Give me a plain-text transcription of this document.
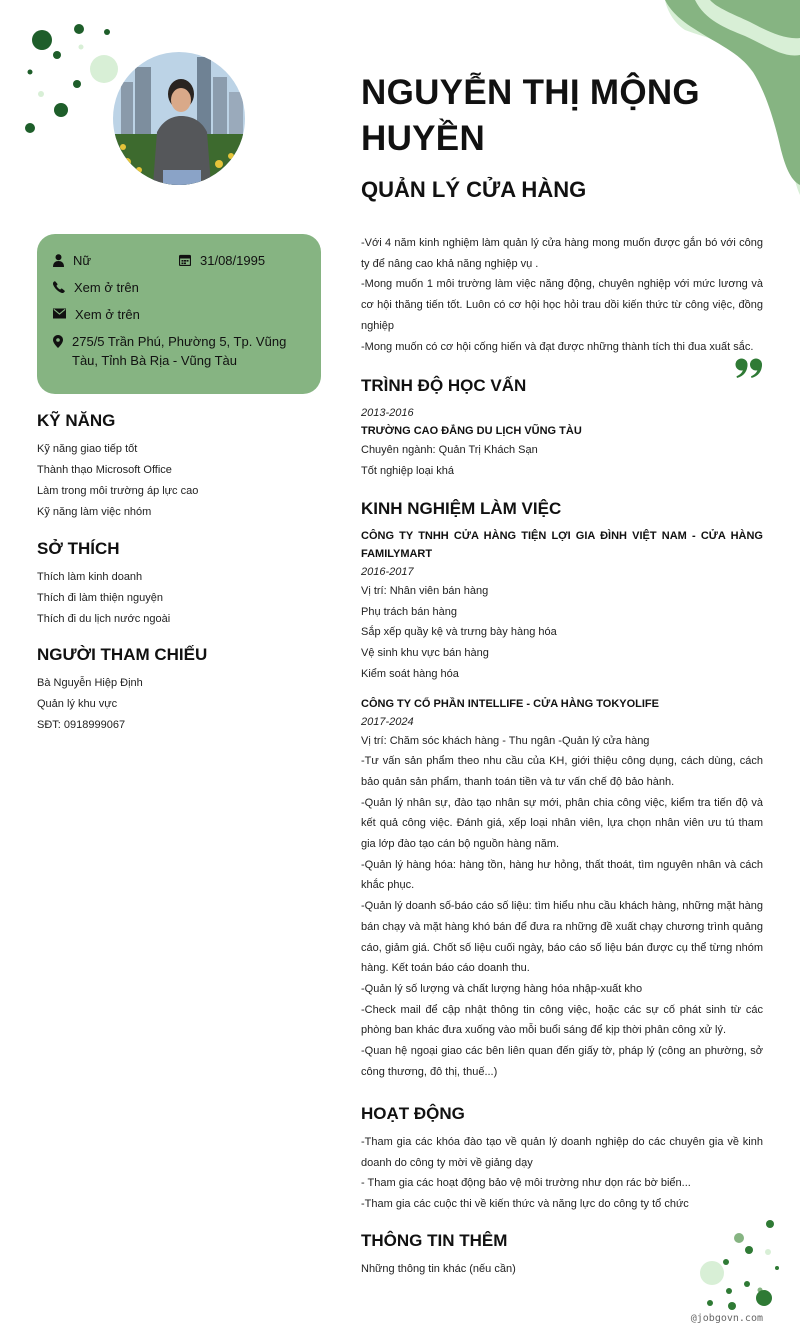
NGUYỄN THỊ MỘNG HUYỀN
QUẢN LÝ CỬA HÀNG
Nữ	31/08/1995
Xem ở trên
Xem ở trên
275/5 Trần Phú, Phường 5, Tp. Vũng Tàu, Tỉnh Bà Rịa - Vũng Tàu
KỸ NĂNG
Kỹ năng giao tiếp tốt
Thành thạo Microsoft Office
Làm trong môi trường áp lực cao
Kỹ năng làm việc nhóm
SỞ THÍCH
Thích làm kinh doanh
Thích đi làm thiện nguyện
Thích đi du lịch nước ngoài
NGƯỜI THAM CHIẾU
Bà Nguyễn Hiệp Định
Quản lý khu vực
SĐT: 0918999067
-Với 4 năm kinh nghiệm làm quản lý cửa hàng mong muốn được gắn bó với công ty để nâng cao khả năng nghiệp vụ .
-Mong muốn 1 môi trường làm việc năng động, chuyên nghiệp với mức lương và cơ hội thăng tiến tốt. Luôn có cơ hội học hỏi trau dồi kiến thức từ công việc, đồng nghiệp
-Mong muốn có cơ hội cống hiến và đạt được những thành tích thi đua xuất sắc.
TRÌNH ĐỘ HỌC VẤN
2013-2016
TRƯỜNG CAO ĐẲNG DU LỊCH VŨNG TÀU
Chuyên ngành: Quản Trị Khách Sạn
Tốt nghiệp loại khá
KINH NGHIỆM LÀM VIỆC
CÔNG TY TNHH CỬA HÀNG TIỆN LỢI GIA ĐÌNH VIỆT NAM - CỬA HÀNG FAMILYMART
2016-2017
Vị trí: Nhân viên bán hàng
Phụ trách bán hàng
Sắp xếp quầy kệ và trưng bày hàng hóa
Vệ sinh khu vực bán hàng
Kiểm soát hàng hóa
CÔNG TY CỔ PHẦN INTELLIFE - CỬA HÀNG TOKYOLIFE
2017-2024
Vị trí: Chăm sóc khách hàng - Thu ngân -Quản lý cửa hàng
-Tư vấn sản phẩm theo nhu cầu của KH, giới thiệu công dụng, cách dùng, cách bảo quản sản phẩm, thanh toán tiền và tư vấn chế độ bảo hành.
-Quản lý nhân sự, đào tạo nhân sự mới, phân chia công việc, kiểm tra tiến độ và kết quả công việc. Đánh giá, xếp loại nhân viên, lựa chọn nhân viên ưu tú tham gia lớp đào tạo cán bộ nguồn hàng năm.
-Quản lý hàng hóa: hàng tồn, hàng hư hỏng, thất thoát, tìm nguyên nhân và cách khắc phục.
-Quản lý doanh số-báo cáo số liệu: tìm hiểu nhu cầu khách hàng, những mặt hàng bán chạy và mặt hàng khó bán để đưa ra những đề xuất chạy chương trình quảng cáo, giảm giá. Chốt số liệu cuối ngày, báo cáo số liệu bán được cụ thể từng nhóm hàng. Kết toán báo cáo doanh thu.
-Quản lý số lượng và chất lượng hàng hóa nhập-xuất kho
-Check mail để cập nhật thông tin công việc, hoặc các sự cố phát sinh từ các phòng ban khác đưa xuống vào mỗi buổi sáng để kịp thời phân công xử lý.
-Quan hệ ngoại giao các bên liên quan đến giấy tờ, pháp lý (công an phường, sở công thương, đô thị, thuế...)
HOẠT ĐỘNG
-Tham gia các khóa đào tạo về quản lý doanh nghiệp do các chuyên gia về kinh doanh do công ty mời về giảng dạy
- Tham gia các hoạt động bảo vệ môi trường như dọn rác bờ biển...
-Tham gia các cuộc thi về kiến thức và năng lực do công ty tổ chức
THÔNG TIN THÊM
Những thông tin khác (nếu cần)
@jobgovn.com
